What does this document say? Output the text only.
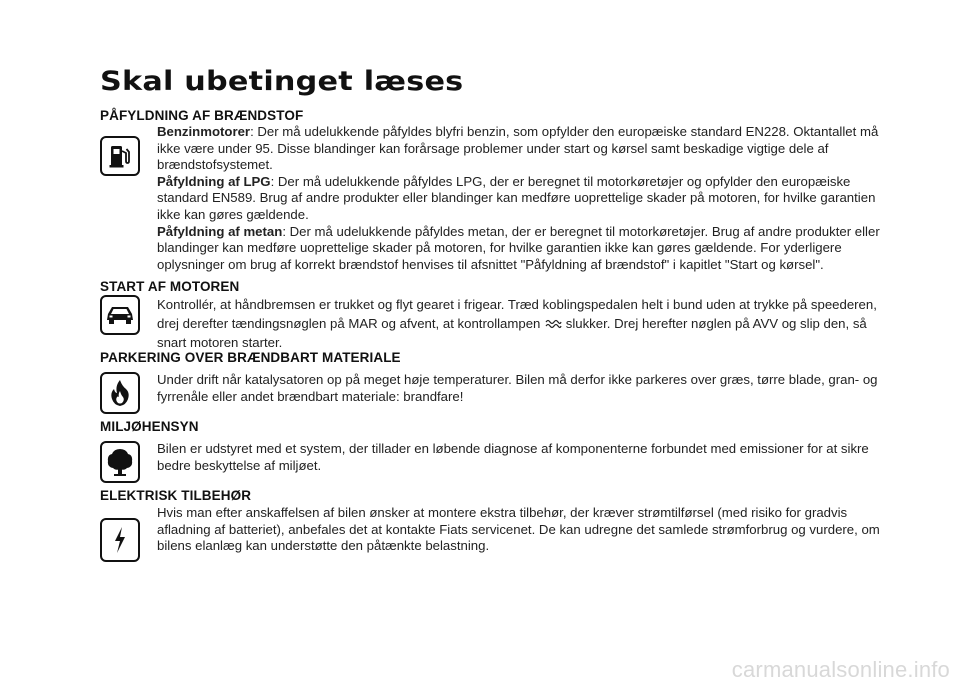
Skal ubetinget læses
PÅFYLDNING AF BRÆNDSTOF

Benzinmotorer: Der må udelukkende påfyldes blyfri benzin, som opfylder den europæiske standard EN228. Oktantallet må ikke være under 95. Disse blandinger kan forårsage problemer under start og kørsel samt beskadige vigtige dele af brændstofsystemet.

Påfyldning af LPG: Der må udelukkende påfyldes LPG, der er beregnet til motorkøretøjer og opfylder den europæiske standard EN589. Brug af andre produkter eller blandinger kan medføre uoprettelige skader på motoren, for hvilke garantien ikke kan gøres gældende.

Påfyldning af metan: Der må udelukkende påfyldes metan, der er beregnet til motorkøretøjer. Brug af andre produkter eller blandinger kan medføre uoprettelige skader på motoren, for hvilke garantien ikke kan gøres gældende. For yderligere oplysninger om brug af korrekt brændstof henvises til afsnittet "Påfyldning af brændstof" i kapitlet "Start og kørsel".

START AF MOTOREN

Kontrollér, at håndbremsen er trukket og flyt gearet i frigear. Træd koblingspedalen helt i bund uden at trykke på speederen, drej derefter tændingsnøglen på MAR og afvent, at kontrollampen slukker. Drej herefter nøglen på AVV og slip den, så snart motoren starter.

PARKERING OVER BRÆNDBART MATERIALE

Under drift når katalysatoren op på meget høje temperaturer. Bilen må derfor ikke parkeres over græs, tørre blade, gran- og fyrrenåle eller andet brændbart materiale: brandfare!

MILJØHENSYN

Bilen er udstyret med et system, der tillader en løbende diagnose af komponenterne forbundet med emissioner for at sikre bedre beskyttelse af miljøet.

ELEKTRISK TILBEHØR

Hvis man efter anskaffelsen af bilen ønsker at montere ekstra tilbehør, der kræver strømtilførsel (med risiko for gradvis afladning af batteriet), anbefales det at kontakte Fiats servicenet. De kan udregne det samlede strømforbrug og vurdere, om bilens elanlæg kan understøtte den påtænkte belastning.

carmanualsonline.info
